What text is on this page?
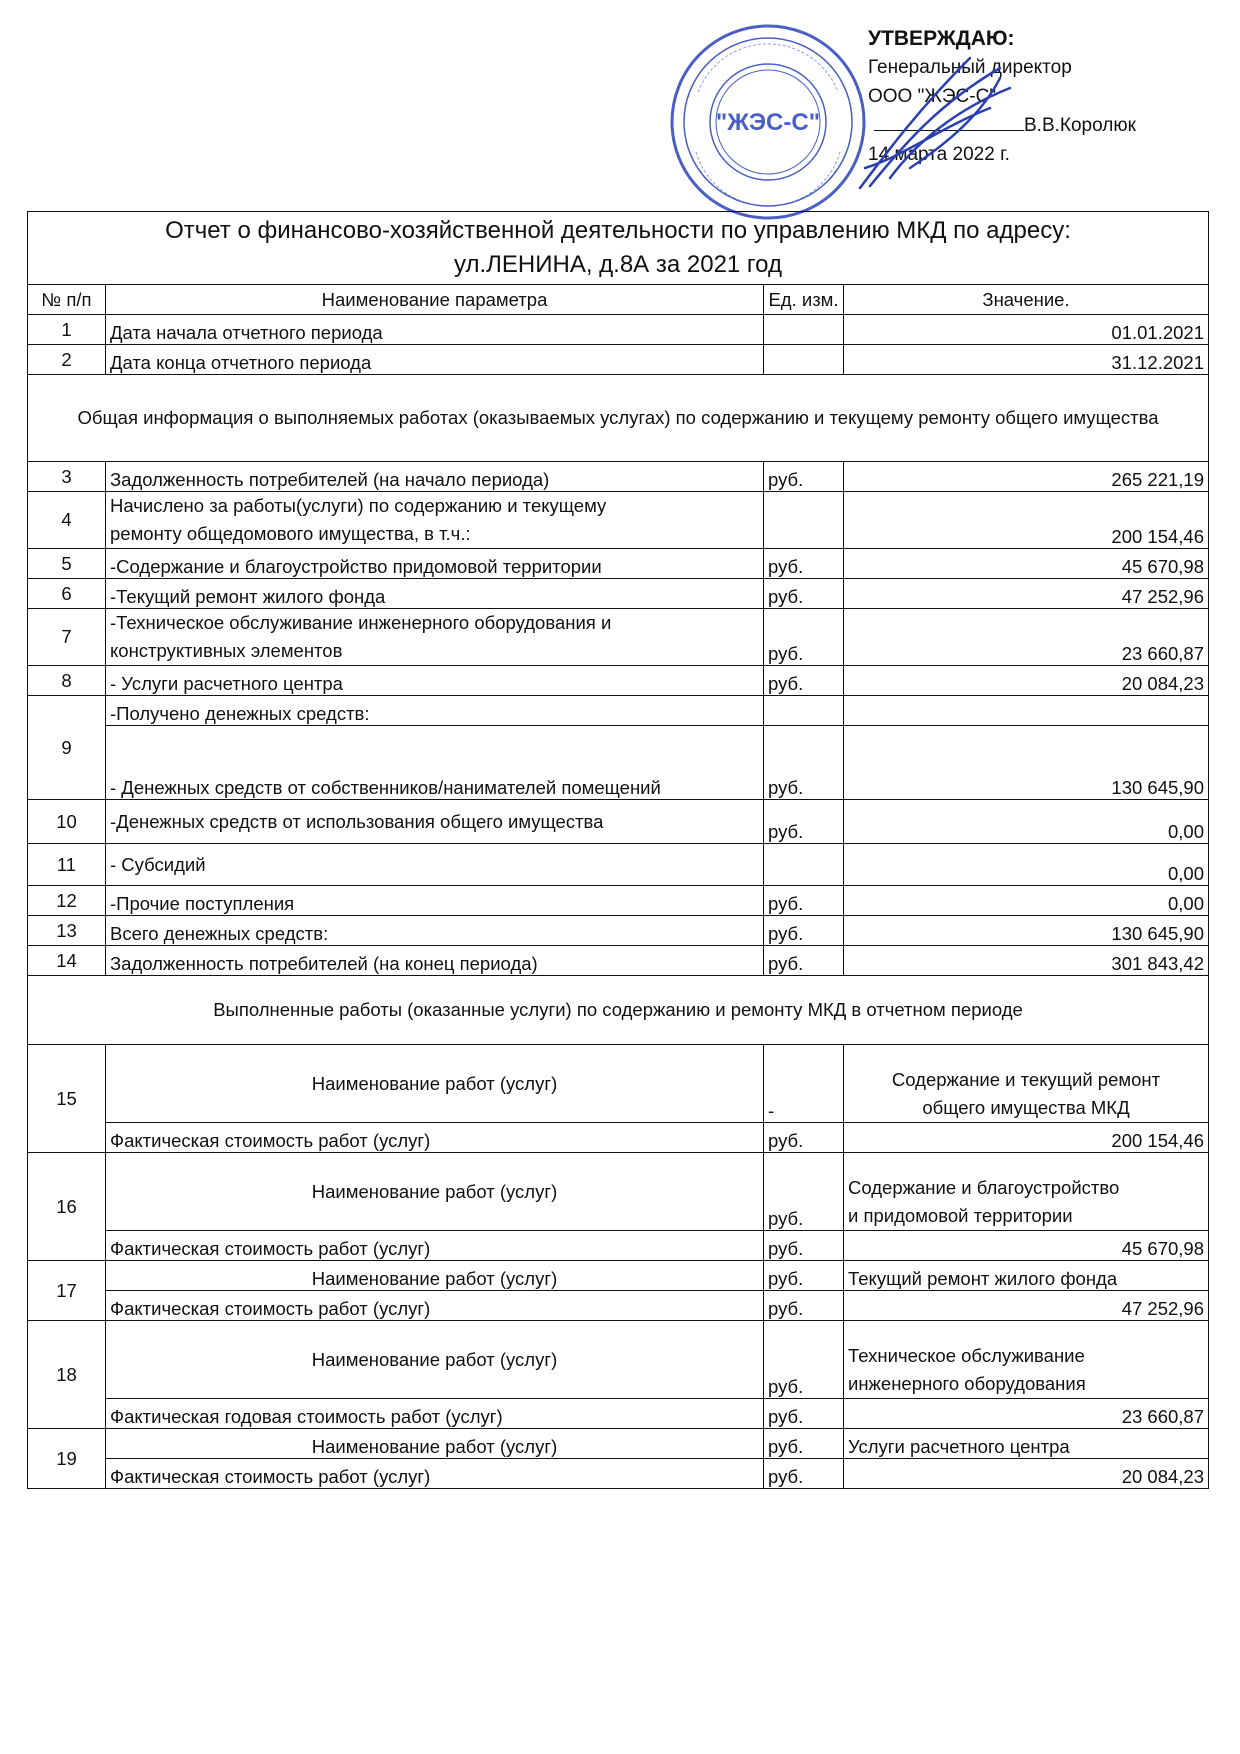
УТВЕРЖДАЮ:
Генеральный директор
ООО "ЖЭС-С"
В.В.Королюк
14 марта 2022 г.
"ЖЭС-С"
Отчет о финансово-хозяйственной деятельности по управлению МКД по адресу:
ул.ЛЕНИНА, д.8А за 2021 год			

№ п/п	Наименование параметра	Ед. изм.	Значение.
1	Дата начала отчетного периода		01.01.2021
2	Дата конца отчетного периода		31.12.2021
Общая информация о выполняемых работах (оказываемых услугах) по содержанию и текущему ремонту общего имущества			
3	Задолженность потребителей (на начало периода)	руб.	265 221,19
4	Начислено за работы(услуги) по содержанию и текущему
ремонту общедомового имущества, в т.ч.:		200 154,46
5	-Содержание и благоустройство придомовой территории	руб.	45 670,98
6	-Текущий ремонт жилого фонда	руб.	47 252,96
7	-Техническое обслуживание инженерного оборудования и
конструктивных элементов	руб.	23 660,87
8	- Услуги расчетного центра	руб.	20 084,23
9	-Получено денежных средств:		
	- Денежных средств от собственников/нанимателей помещений	руб.	130 645,90
10	-Денежных средств от использования общего имущества	руб.	0,00
11	- Субсидий		0,00
12	-Прочие поступления	руб.	0,00
13	Всего денежных средств:	руб.	130 645,90
14	Задолженность потребителей (на конец периода)	руб.	301 843,42
Выполненные работы (оказанные услуги) по содержанию и ремонту МКД в отчетном периоде			
15	Наименование работ (услуг)	-	Содержание и текущий ремонт
общего имущества МКД

	Фактическая стоимость работ (услуг)	руб.	200 154,46
16	Наименование работ (услуг)	руб.	Содержание и благоустройство
и придомовой территории

	Фактическая стоимость работ (услуг)	руб.	45 670,98
17	Наименование работ (услуг)	руб.	Текущий ремонт жилого фонда
	Фактическая стоимость работ (услуг)	руб.	47 252,96
18	Наименование работ (услуг)	руб.	Техническое обслуживание
инженерного оборудования

	Фактическая годовая стоимость работ (услуг)	руб.	23 660,87
19	Наименование работ (услуг)	руб.	Услуги расчетного центра
	Фактическая стоимость работ (услуг)	руб.	20 084,23
